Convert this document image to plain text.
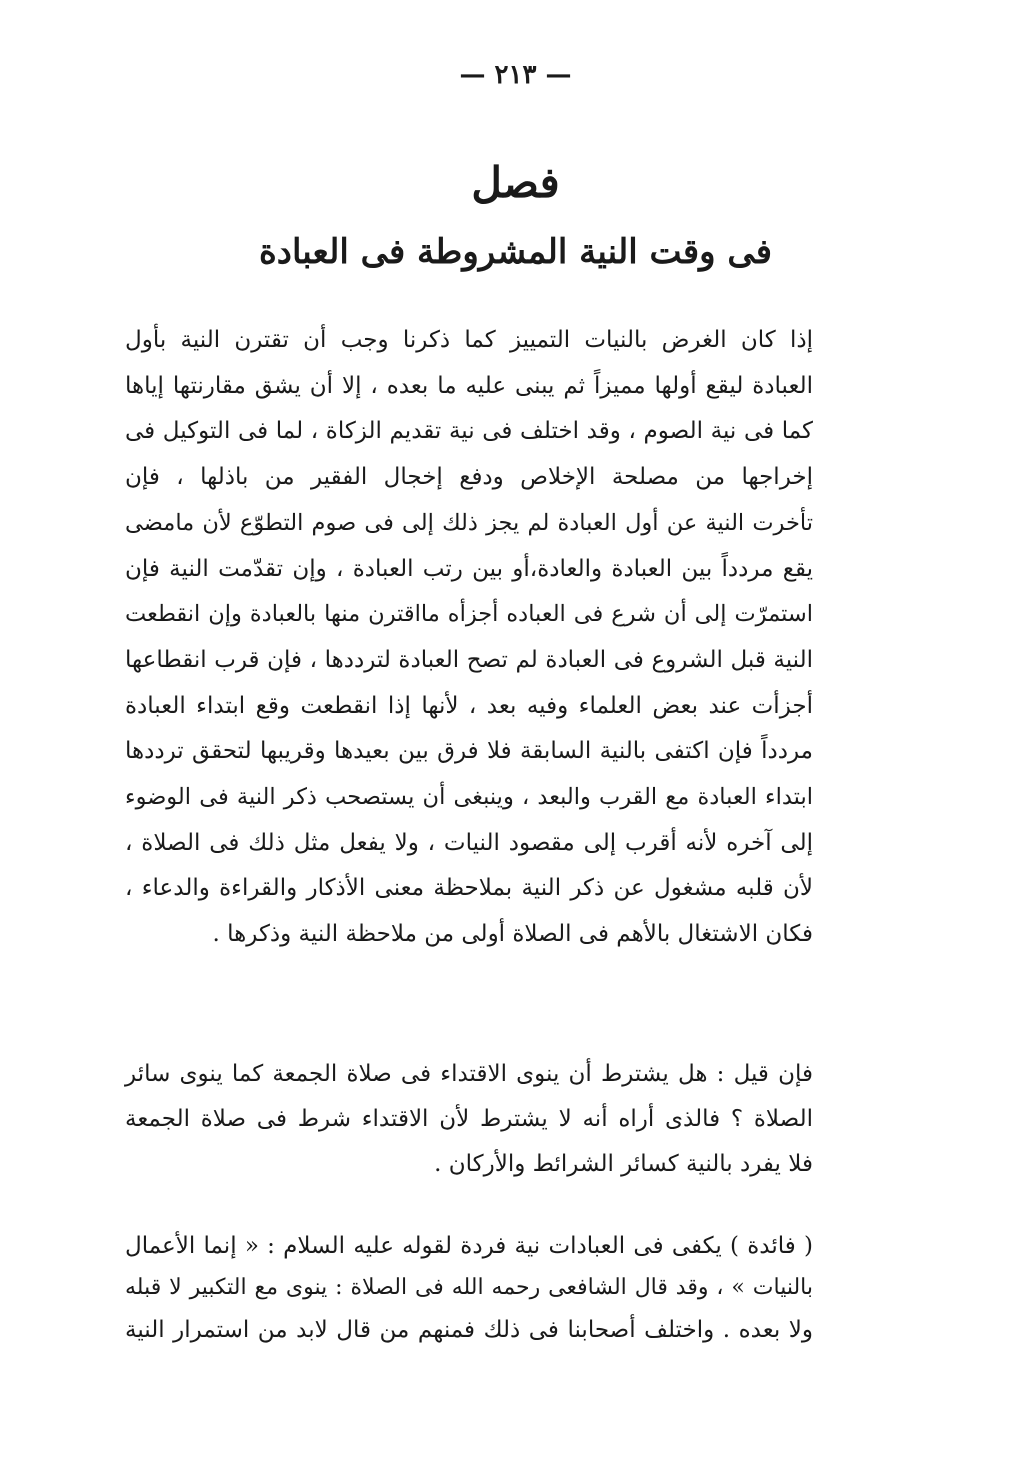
— ٢١٣ —
فصل
فى وقت النية المشروطة فى العبادة
إذا كان الغرض بالنيات التمييز كما ذكرنا وجب أن تقترن النية بأول
العبادة ليقع أولها مميزاً ثم يبنى عليه ما بعده ، إلا أن يشق مقارنتها إياها
كما فى نية الصوم ، وقد اختلف فى نية تقديم الزكاة ، لما فى التوكيل فى
إخراجها من مصلحة الإخلاص ودفع إخجال الفقير من باذلها ، فإن
تأخرت النية عن أول العبادة لم يجز ذلك إلى فى صوم التطوّع لأن مامضى
يقع مردداً بين العبادة والعادة،أو بين رتب العبادة ، وإن تقدّمت النية فإن
استمرّت إلى أن شرع فى العباده أجزأه مااقترن منها بالعبادة وإن انقطعت
النية قبل الشروع فى العبادة لم تصح العبادة لترددها ، فإن قرب انقطاعها
أجزأت عند بعض العلماء وفيه بعد ، لأنها إذا انقطعت وقع ابتداء العبادة
مردداً فإن اكتفى بالنية السابقة فلا فرق بين بعيدها وقريبها لتحقق ترددها
ابتداء العبادة مع القرب والبعد ، وينبغى أن يستصحب ذكر النية فى الوضوء
إلى آخره لأنه أقرب إلى مقصود النيات ، ولا يفعل مثل ذلك فى الصلاة ،
لأن قلبه مشغول عن ذكر النية بملاحظة معنى الأذكار والقراءة والدعاء ،
فكان الاشتغال بالأهم فى الصلاة أولى من ملاحظة النية وذكرها .
فإن قيل : هل يشترط أن ينوى الاقتداء فى صلاة الجمعة كما ينوى سائر
الصلاة ؟ فالذى أراه أنه لا يشترط لأن الاقتداء شرط فى صلاة الجمعة
فلا يفرد بالنية كسائر الشرائط والأركان .
( فائدة ) يكفى فى العبادات نية فردة لقوله عليه السلام : « إنما الأعمال
بالنيات » ، وقد قال الشافعى رحمه الله فى الصلاة : ينوى مع التكبير لا قبله
ولا بعده . واختلف أصحابنا فى ذلك فمنهم من قال لابد من استمرار النية
